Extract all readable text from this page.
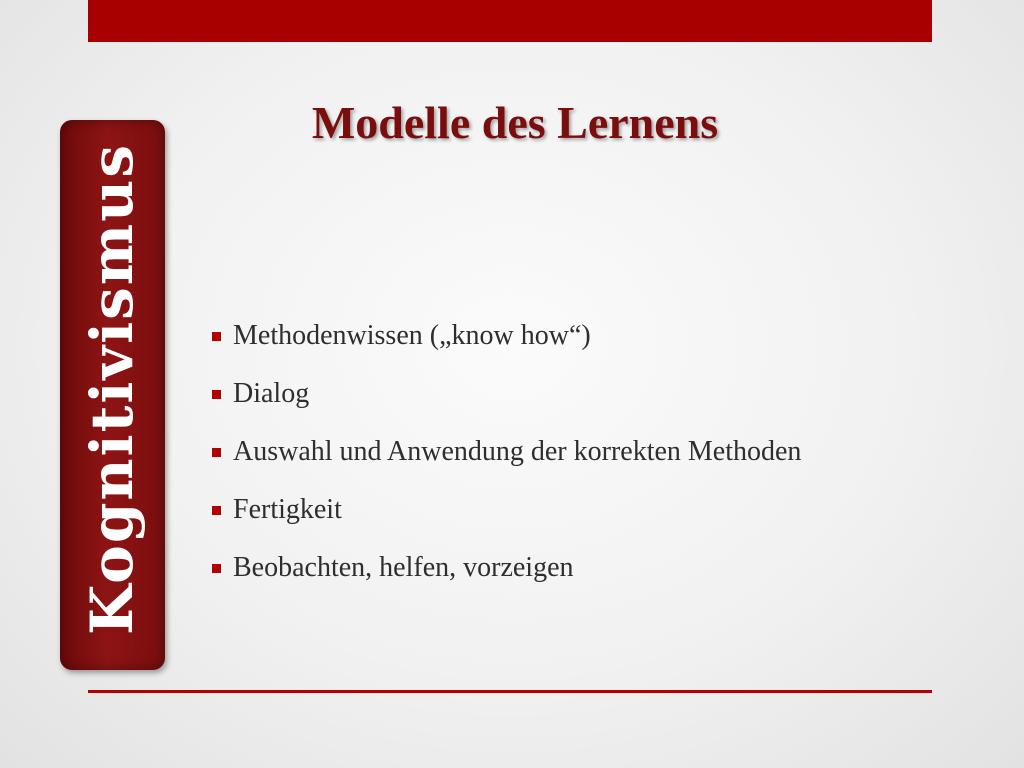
Kognitivismus
Modelle des Lernens
Methodenwissen („know how“)
Dialog
Auswahl und Anwendung der korrekten Methoden
Fertigkeit
Beobachten, helfen, vorzeigen
